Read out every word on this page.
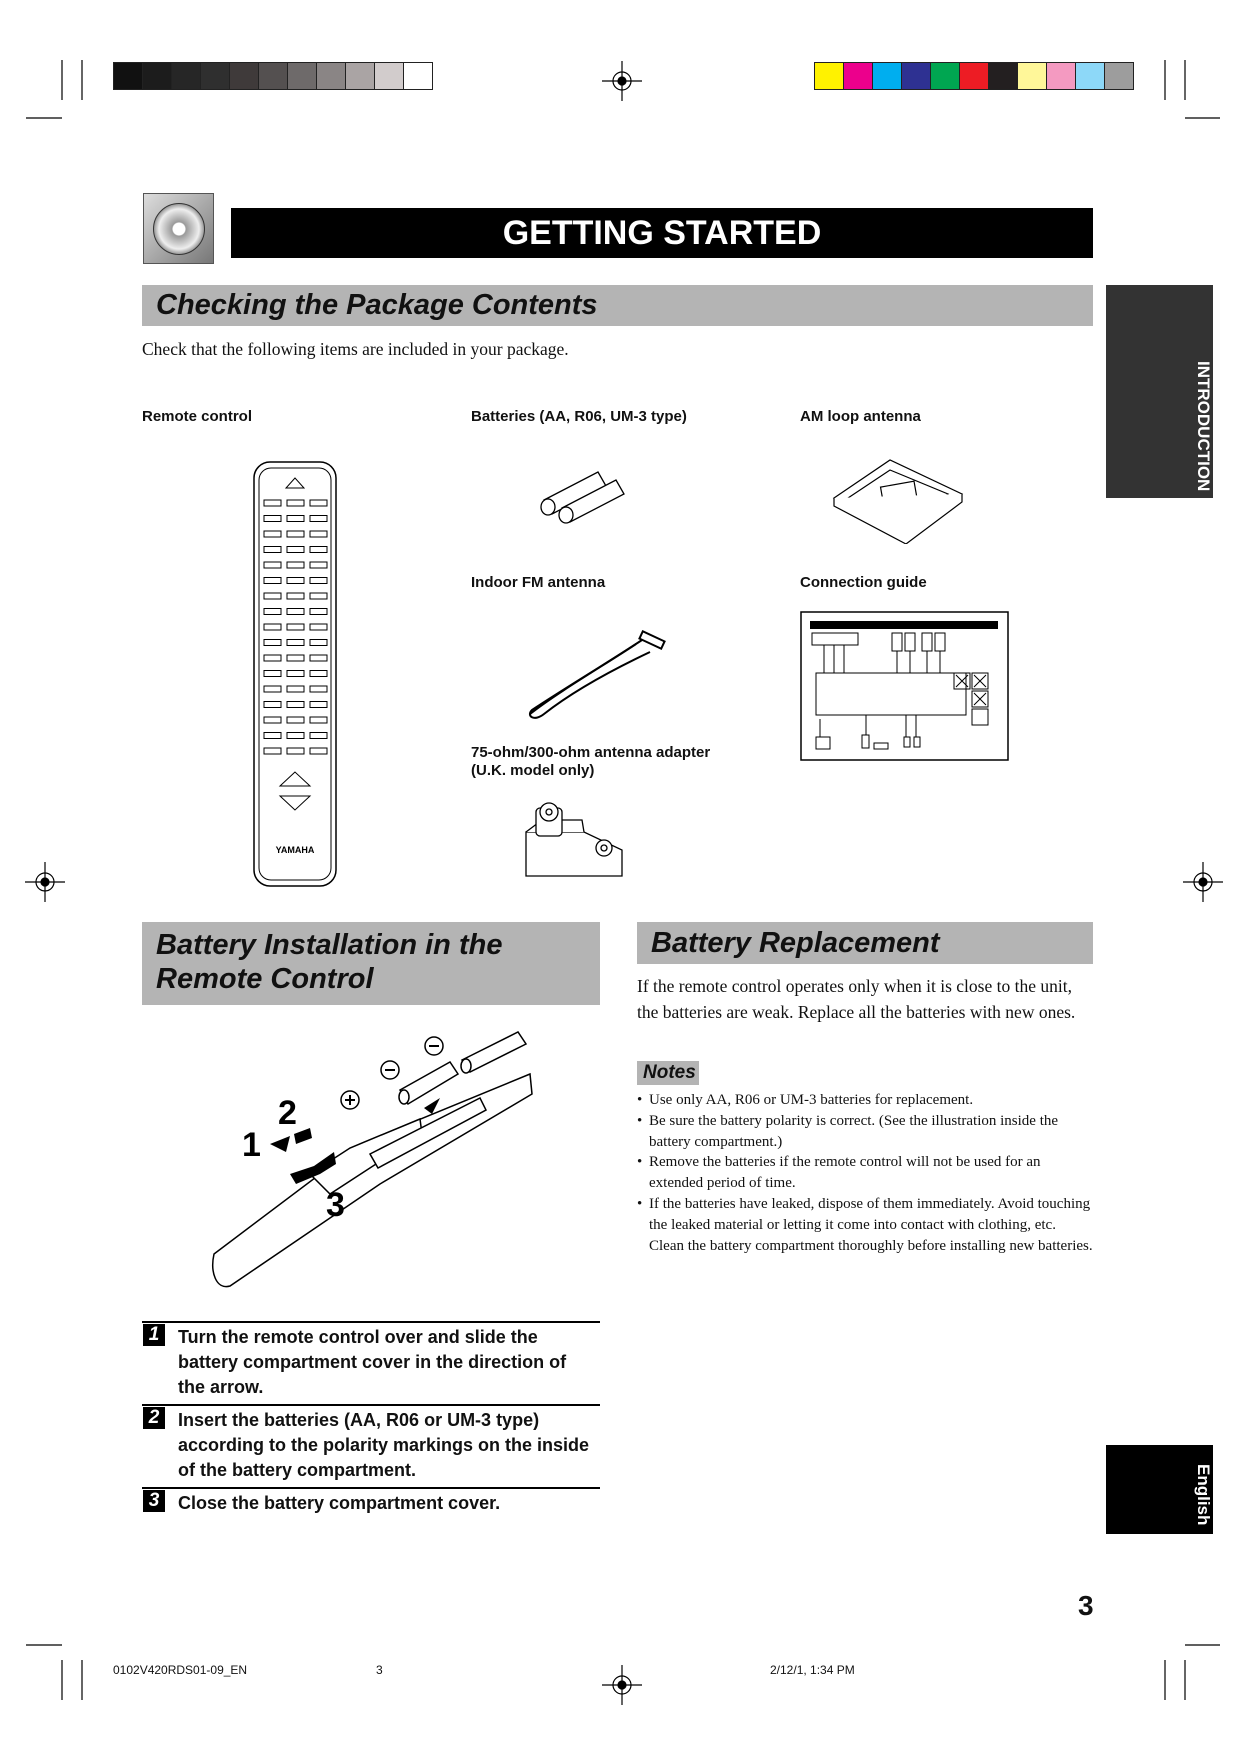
GETTING STARTED
INTRODUCTION
Checking the Package Contents
Check that the following items are included in your package.
Remote control	Batteries (AA, R06, UM-3 type)	AM loop antenna
Indoor FM antenna	Connection guide
75-ohm/300-ohm antenna adapter
(U.K. model only)
YAMAHA
Battery Installation in the Remote Control
2
1
3
1	Turn the remote control over and slide the battery compartment cover in the direction of the arrow.
2	Insert the batteries (AA, R06 or UM-3 type) according to the polarity markings on the inside of the battery compartment.
3	Close the battery compartment cover.
Battery Replacement
If the remote control operates only when it is close to the unit, the batteries are weak. Replace all the batteries with new ones.
Notes
• Use only AA, R06 or UM-3 batteries for replacement.
• Be sure the battery polarity is correct. (See the illustration inside the battery compartment.)
• Remove the batteries if the remote control will not be used for an extended period of time.
• If the batteries have leaked, dispose of them immediately. Avoid touching the leaked material or letting it come into contact with clothing, etc. Clean the battery compartment thoroughly before installing new batteries.
English
3
0102V420RDS01-09_EN	3	2/12/1, 1:34 PM
